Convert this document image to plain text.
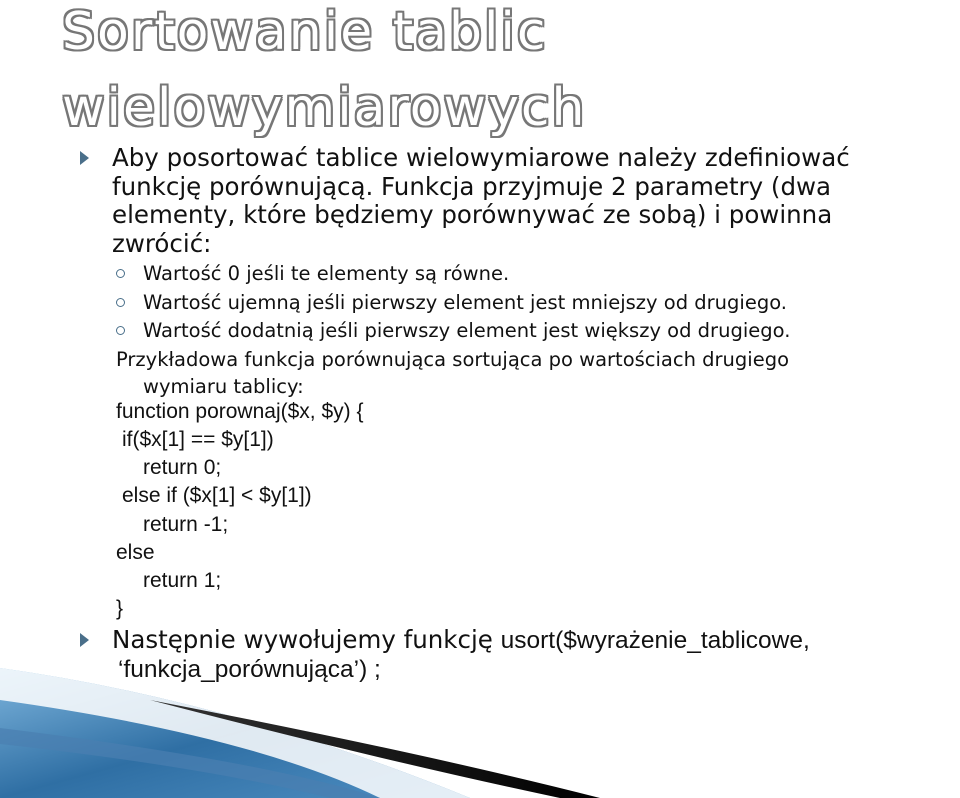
Sortowanie tablic
wielowymiarowych
Aby posortować tablice wielowymiarowe należy zdefiniować
funkcję porównującą. Funkcja przyjmuje 2 parametry (dwa
elementy, które będziemy porównywać ze sobą) i powinna
zwrócić:
Wartość 0 jeśli te elementy są równe.
Wartość ujemną jeśli pierwszy element jest mniejszy od drugiego.
Wartość dodatnią jeśli pierwszy element jest większy od drugiego.
Przykładowa funkcja porównująca sortująca po wartościach drugiego
wymiaru tablicy:
function porownaj($x, $y) {
if($x[1] == $y[1])
return 0;
else if ($x[1] < $y[1])
return -1;
else
return 1;
}
Następnie wywołujemy funkcję usort($wyrażenie_tablicowe,
‘funkcja_porównująca’) ;
